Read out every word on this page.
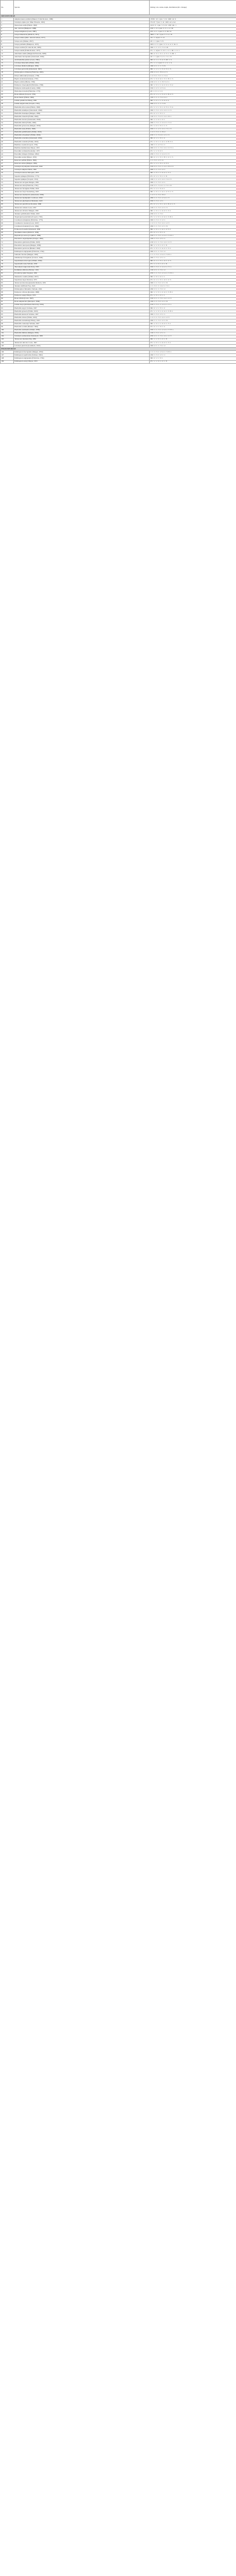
No.	Species	Dating, Lab, status, depth, distribution (Rt = Range)
DRYOMYZIDAE		
1	Amphoroneura euribela (Diptera: Schell & Alex, 1980)	170/95 / 10 / 1 (wn / 3 / R / 1600 / ad / 6
2	Sciomyza alpina (Al. Mike Edwards, 1991)	37/4 /8 / 7 (wn / 3 / R / 1200 / ad 1-2 ad
3	Neuroctena anilis (Fallén, 1820)	212/2 / 0 / 1 (en / 3 / 6 / R / 1350 / Alt / 1
4	Ant. varicata (Hampson, 1988)	2/30 / 1 / 0 / 1 (wn / 3 / 3 / 1 / 2 / 30
5	Sciopa fuliginosa (Loew, 1887)	272/ / 2 / 1 / 1 (en / 3 / 3 / 30 / 13
6	Sciopa bimaculata (Malloch, 1951)	3600 / 1 / 10 / 1 (wn / 3 / 3 / 4 / 16
7	Sciopa radiosa (Mac. Alex & Gibson, 1977)	131 / 1 / 4 (wn / 3 / 13
8	Sciopa sola (Walker, 1857)	2/0 / 1 / 1 (wn / 3 / 8
9	Sciopa pulchella (Hampson, 1975)	2025 / 2 / 3 / 1 (wn / 3 / 3 / 4 / 4 / 3 / 34 / 3
10	Sciopa sordida (W. Alex & alis, 1983)	3/90 / 1 / 1 / 2 / 1 / 3 / 2 / 45
11	Sciopa tenella (Fallén & Alex, 1977)	271 / 1 / 4 (wn / 3 / 13 / 1 / 2 / 1 / 90 / 1 / 3 / 1
12	Antichaeta analis (Meigen & Edwards, 1989)	300 / 2 / 3 / 1 / 3 / 1 / 2 / 5 / 1 / 3 / 90 / 1
13	Antichaeta brevipennis (Zetterstedt, 1846)	2/0 / 1 / 1 (wn / 3 / 2 / 1 / 3 / 1 / 8
14	Atrichomelina pubera (Loew, 1862)	300 / 2 / 1 / 1 / 3 / 4 / 3 / 20 / 1 / 2
15	Colobaea bifasciella (Fallén, 1820)	271 / 1 / 1 / 1 (wn / 3 / 1 / 2 / 1 / 4
16	Colobaea distincta (Meigen, 1830)	1/90 / 2 / 1 / 1 / 1 / 3 / 8
17	Colobaea pectoralis (Zetterstedt, 1847)	300 / 1 / 1 / 1 / 1 / 3 / 2 / 3 / 1 / 3
18	Dichetophora obliterata (Fabricius, 1805)	2/50 / 2 / 4 / 1 / 8 / 4 / 2 / 3
19	Dictya umbrarum (Linnaeus, 1758)	1 / 2 / 3 / 1 / 3 / 1 / 1 / 3 / 4
20	Elgiva cucularia (Linnaeus, 1767)	271 / 1 / 3 / 2 / 4 / 1 / 3 / 1 / 8 / 1 / 3
21	Elgiva solicita (Harris, 1780)	2/10 / 2 / 1 / 1 / 1 / 8 / 3 / 2 / 1
22	Euthycera chaerophylli (Fabricius, 1798)	300 / 1 / 3 / 1 / 1 / 4 / 2 / 2 / 1 / 3 / 2
23	Euthycera stichospila (Czerny, 1909)	3/50 / 1 / 2 / 1 / 2 / 3 / 4
24	Hydromya dorsalis (Fabricius, 1775)	2/0 / 1 / 3 / 1 / 1 / 2
25	Ilione albiseta (Scopoli, 1763)	271 / 2 / 1 / 1 / 1 / 3 / 2 / 1 / 8 / 2 / 3
26	Ilione lineata (Fallén, 1820)	1/50 / 1 / 1 / 1 / 3 / 2 / 4 / 1
27	Limnia paludicola Elberg, 1965	300 / 1 / 2 / 1 / 1 / 3 / 4 / 2 / 2
28	Limnia unguicornis (Scopoli, 1763)	2/90 / 2 / 1 / 1 / 1 / 3 / 8
29	Pherbellia albocostata (Fallén, 1820)	271 / 1 / 1 / 1 / 3 / 1 / 2 / 3 / 1 / 3 / 4
30	Pherbellia annulipes (Zetterstedt, 1846)	3/00 / 1 / 3 / 1 / 2 / 1 / 4 / 1 / 1 / 3
31	Pherbellia brunnipes (Meigen, 1838)	271 / 2 / 1 / 1 / 3 / 1 / 1
32	Pherbellia cinerella (Fallén, 1820)	1/10 / 2 / 1 / 3 / 2 / 1 / 4 / 1 / 8 / 1
33	Pherbellia dorsata (Zetterstedt, 1846)	300 / 1 / 1 / 3 / 1 / 2 / 1
34	Pherbellia dubia (Fallén, 1820)	2/90 / 1 / 3 / 1 / 1 / 4 / 2 / 1 / 3 / 2
35	Pherbellia grisescens (Meigen, 1830)	271 / 1 / 2 / 1 / 3 / 1 / 1 / 3
36	Pherbellia nana (Fallén, 1820)	3/50 / 1 / 1 / 2 / 1 / 4 / 1 / 3 / 1 / 3
37	Pherbellia pallidiventris (Fallén, 1820)	1 / 2 / 1 / 3 / 1 / 1 / 8 / 2
38	Pherbellia schoenherri (Fallén, 1826)	2/10 / 1 / 1 / 3 / 4 / 1 / 2 / 1 / 3
39	Pherbellia scutellata (Zetterstedt, 1846)	300 / 2 / 1 / 1 / 3 / 1 / 2
40	Pherbellia ventralis (Fallén, 1820)	271 / 1 / 3 / 1 / 1 / 4 / 1 / 2 / 8 / 3 / 1
41	Pherbina coryleti (Scopoli, 1763)	1/90 / 1 / 1 / 2 / 3 / 1 / 1
42	Pherbina mediterranea Mayer, 1953	3/00 / 2 / 1 / 1 / 3 / 1 / 4 / 1 / 2 / 3 / 1
43	Psacadina verbekei Rozkošný, 1975	271 / 1 / 1 / 3 / 2 / 1
44	Psacadina vittigera (Schiner, 1862)	2/50 / 1 / 3 / 1 / 1 / 4 / 2 / 1 / 3
45	Psacadina zernyi (Mayer, 1953)	300 / 2 / 1 / 1 / 3 / 1 / 8 / 1 / 2 / 1 / 3
46	Renocera pallida (Fallén, 1820)	1 / 1 / 3 / 1 / 2 / 1 / 4
47	Renocera striata (Meigen, 1830)	271 / 1 / 1 / 1 / 3 / 1 / 2 / 3 / 1
48	Sciomyza dryomyzina Zetterstedt, 1846	3/10 / 2 / 1 / 3 / 1 / 1 / 4 / 1 / 8 / 2 / 3
49	Sciomyza simplex Fallén, 1820	2/90 / 1 / 1 / 3 / 1 / 2 / 1
50	Sciomyza testacea Macquart, 1835	300 / 1 / 3 / 1 / 1 / 4 / 2 / 1 / 3 / 1
51	Sepedon sphegea (Fabricius, 1775)	271 / 2 / 1 / 1 / 3 / 1 / 1 / 8
52	Sepedon spinipes (Scopoli, 1763)	1/50 / 1 / 1 / 2 / 1 / 4 / 1 / 3 / 2 / 3
53	Tetanocera arrogans Meigen, 1830	3/00 / 1 / 1 / 3 / 1 / 2 / 1
54	Tetanocera elata (Fabricius, 1781)	2/10 / 2 / 1 / 3 / 4 / 1 / 1 / 3 / 1 / 8
55	Tetanocera ferruginea Fallén, 1820	271 / 1 / 1 / 1 / 3 / 2 / 1
56	Tetanocera freyi Stackelberg, 1963	300 / 1 / 3 / 1 / 1 / 4 / 1 / 2 / 3 / 1 / 3
57	Tetanocera fuscinervis (Zetterstedt, 1838)	1 / 2 / 1 / 1 / 3 / 1 / 8 / 2
58	Tetanocera hyalipennis von Roser, 1840	2/90 / 1 / 1 / 3 / 1 / 2 / 4 / 1 / 3
59	Tetanocera phyllophora Melander, 1920	3/50 / 1 / 3 / 1 / 2 / 1
60	Tetanocera punctifrons Rondani, 1868	271 / 2 / 1 / 1 / 3 / 1 / 4 / 1 / 8 / 2 / 1 / 3
61	Tetanocera robusta Loew, 1847	1/10 / 1 / 1 / 3 / 1 / 2 / 1 / 3
62	Tetanocera silvatica Meigen, 1830	300 / 1 / 3 / 1 / 1 / 4 / 2 / 1 / 3 / 1
63	Tetanura pallidiventris Fallén, 1820	2/50 / 2 / 1 / 1 / 3 / 1
64	Trypetoptera punctulata (Scopoli, 1763)	271 / 1 / 1 / 3 / 1 / 2 / 4 / 1 / 3 / 8 / 1
65	Coremacera marginata (Fabricius, 1775)	3/00 / 1 / 3 / 1 / 1 / 2 / 1
66	Coremacera catenata (Loew, 1847)	1 / 2 / 1 / 1 / 3 / 1 / 4 / 1 / 2 / 3
67	Coremacera halensis (Loew, 1864)	2/90 / 1 / 1 / 3 / 1 / 2 / 1 / 8
68	Ectinocera borealis Zetterstedt, 1838	300 / 1 / 3 / 1 / 1 / 4 / 1 / 2 / 3 / 1
69	Neolimnia raiatea (Malloch, 1938)	271 / 2 / 1 / 1 / 3 / 1 / 2
70	Hoplodictya setosa (Coquillett, 1898)	3/10 / 1 / 1 / 3 / 1 / 2 / 4 / 1 / 3 / 8 / 1
71	Pteromicra angustipennis (Staeger, 1845)	1/50 / 1 / 3 / 1 / 2 / 1 / 1
72	Pteromicra glabricula (Fallén, 1820)	2/10 / 2 / 1 / 1 / 3 / 1 / 4 / 1 / 2 / 3
73	Pteromicra leucopeza (Meigen, 1838)	300 / 1 / 1 / 3 / 1 / 2 / 1 / 8
74	Pteromicra pectorosa (Hendel, 1902)	271 / 1 / 3 / 1 / 1 / 4 / 2 / 1 / 3 / 1
75	Pelidnoptera nigripennis (Fabricius, 1794)	3/00 / 2 / 1 / 1 / 3 / 1 / 2
76	Salticella fasciata (Meigen, 1830)	1 / 1 / 1 / 3 / 1 / 2 / 4 / 1 / 3 / 8 / 1
77	Oidematops ferrugineus (Cresson, 1920)	2/90 / 1 / 3 / 1 / 2 / 1 / 1
78	Sepedomerus macropus (Walker, 1849)	300 / 2 / 1 / 1 / 3 / 1 / 4 / 1 / 2 / 3
79	Sepedonella nana Verbeke, 1950	271 / 1 / 1 / 3 / 1 / 2 / 1 / 8
80	Thecomyia longicornis Perty, 1833	3/50 / 1 / 3 / 1 / 1 / 4 / 2 / 1 / 3 / 1
81	Perilimnia albifacies Becker, 1919	1/10 / 2 / 1 / 1 / 3 / 1 / 2
82	Protodictya iphis Steyskal, 1950	2/50 / 1 / 1 / 3 / 1 / 2 / 4 / 1 / 3 / 8 / 1
83	Shannonia costalis (Walker, 1837)	300 / 1 / 3 / 1 / 2 / 1 / 1
84	Sepedonea lagoa Knutson, 1973	271 / 2 / 1 / 1 / 3 / 1 / 4 / 1 / 2 / 3
85	Tetanoceroides mesopleuralis Malloch, 1933	3/00 / 1 / 1 / 3 / 1 / 2 / 1 / 8
86	Tetanura latifibula Frey, 1924	1 / 1 / 3 / 1 / 1 / 4 / 2 / 1 / 3 / 1
87	Dichetophora finlandica Verbeke, 1964	2/90 / 2 / 1 / 1 / 3 / 1 / 2
88	Euthycera cribrata (Rondani, 1868)	300 / 1 / 1 / 3 / 1 / 2 / 4 / 1 / 3 / 8 / 1
89	Euthycera seguyi Mayer, 1953	271 / 1 / 3 / 1 / 2 / 1 / 1
90	Ilione trifaria (Loew, 1847)	3/10 / 2 / 1 / 1 / 3 / 1 / 4 / 1 / 2 / 3
91	Ilione unipunctata (Macquart, 1849)	1/50 / 1 / 1 / 3 / 1 / 2 / 1 / 8
92	Limnia inopa (Robineau-Desvoidy, 1830)	2/10 / 1 / 3 / 1 / 1 / 4 / 2 / 1 / 3 / 1
93	Pherbellia argyra Verbeke, 1967	300 / 2 / 1 / 1 / 3 / 1 / 2
94	Pherbellia griseola (Fallén, 1820)	271 / 1 / 1 / 3 / 1 / 2 / 4 / 1 / 3 / 8 / 1
95	Pherbellia knutsoni Verbeke, 1967	3/00 / 1 / 3 / 1 / 2 / 1 / 1
96	Pherbellia obtusa (Fallén, 1820)	1 / 2 / 1 / 1 / 3 / 1 / 4 / 1 / 2 / 3
97	Pherbellia stackelbergi Elberg, 1965	2/90 / 1 / 1 / 3 / 1 / 2 / 1 / 8
98	Pherbellia rozkosnyi Verbeke, 1967	300 / 1 / 3 / 1 / 1 / 4 / 2 / 1 / 3 / 1
99	Pherbellia sordida (Hendel, 1902)	271 / 2 / 1 / 1 / 3 / 1 / 2
100	Pherbellia terminalis (Walker, 1858)	3/50 / 1 / 1 / 3 / 1 / 2 / 4 / 1 / 3 / 8 / 1
101	Pherbellia limbata (Meigen, 1830)	1/10 / 1 / 3 / 1 / 2 / 1 / 1
102	Sciomyza sexmaculata Zetterstedt, 1838	2/50 / 2 / 1 / 1 / 3 / 1 / 4 / 1 / 2 / 3
103	Tetanocera montana Day, 1881	300 / 1 / 1 / 3 / 1 / 2 / 1 / 8
104	Tetanocera unicolor Loew, 1847	271 / 1 / 3 / 1 / 1 / 4 / 2 / 1 / 3 / 1
105	Colobaea punctata (Lundbeck, 1923)	3/00 / 2 / 1 / 1 / 3 / 1 / 2
PHAEOMYIIDAE		
106	Pelidnoptera fuscipennis (Meigen, 1830)	1 / 1 / 1 / 3 / 1 / 2 / 4 / 1 / 3 / 8 / 1
107	Pelidnoptera leptiformis (Schiner, 1862)	2/90 / 1 / 3 / 1 / 2 / 1 / 1
108	Pelidnoptera nigripennis (Fabricius, 1794)	300 / 2 / 1 / 1 / 3 / 1
109	Pelidnoptera zernyi Mayer, 1953	271 / 1 / 1 / 3 / 1 / 2 / 1 / 8
